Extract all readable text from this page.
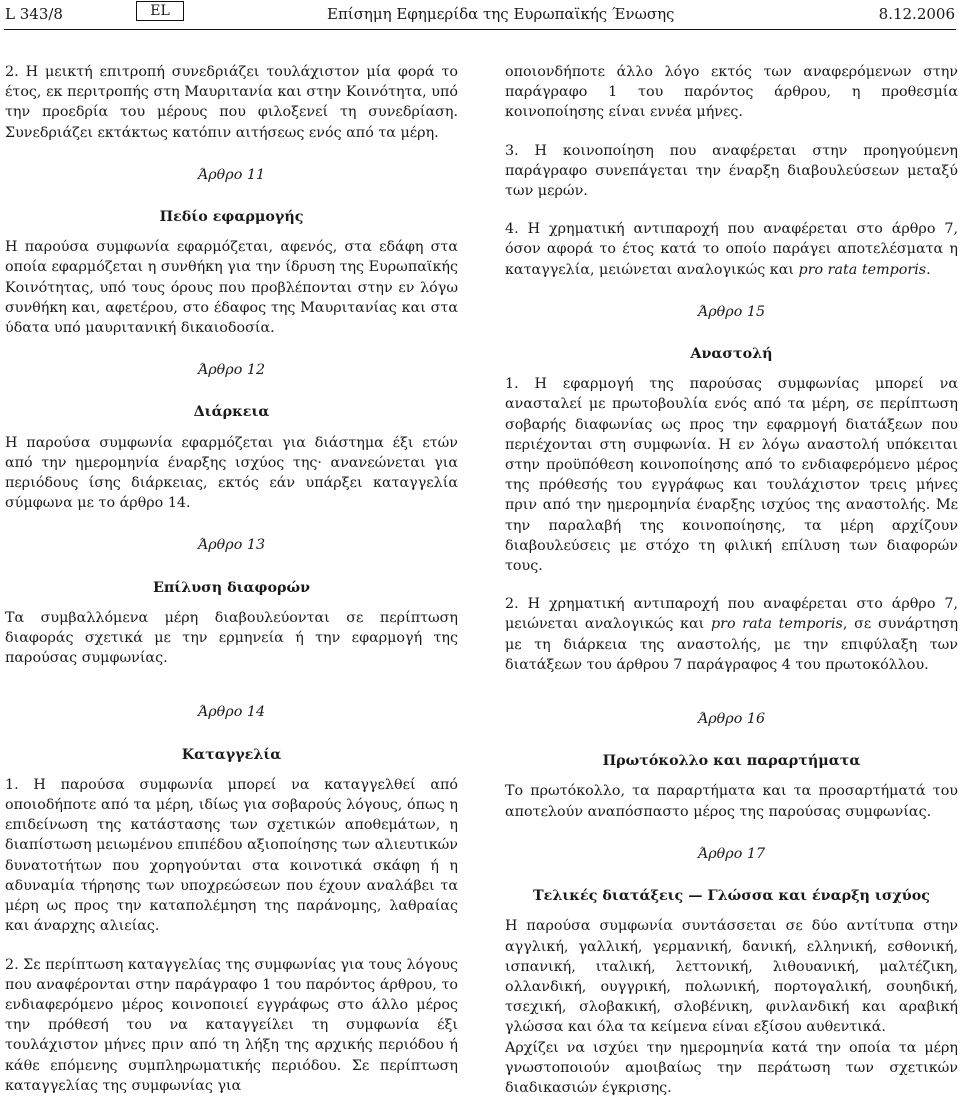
L 343/8	EL	Επίσημη Εφημερίδα της Ευρωπαϊκής Ένωσης	8.12.2006

2. Η μεικτή επιτροπή συνεδριάζει τουλάχιστον μία φορά το έτος, εκ περιτροπής στη Μαυριτανία και στην Κοινότητα, υπό την προεδρία του μέρους που φιλοξενεί τη συνεδρίαση. Συνεδριάζει εκτάκτως κατόπιν αιτήσεως ενός από τα μέρη.

Άρθρο 11

Πεδίο εφαρμογής

Η παρούσα συμφωνία εφαρμόζεται, αφενός, στα εδάφη στα οποία εφαρμόζεται η συνθήκη για την ίδρυση της Ευρωπαϊκής Κοινότητας, υπό τους όρους που προβλέπονται στην εν λόγω συνθήκη και, αφετέρου, στο έδαφος της Μαυριτανίας και στα ύδατα υπό μαυριτανική δικαιοδοσία.

Άρθρο 12

Διάρκεια

Η παρούσα συμφωνία εφαρμόζεται για διάστημα έξι ετών από την ημερομηνία έναρξης ισχύος της· ανανεώνεται για περιόδους ίσης διάρκειας, εκτός εάν υπάρξει καταγγελία σύμφωνα με το άρθρο 14.

Άρθρο 13

Επίλυση διαφορών

Τα συμβαλλόμενα μέρη διαβουλεύονται σε περίπτωση διαφοράς σχετικά με την ερμηνεία ή την εφαρμογή της παρούσας συμφωνίας.

Άρθρο 14

Καταγγελία

1. Η παρούσα συμφωνία μπορεί να καταγγελθεί από οποιοδήποτε από τα μέρη, ιδίως για σοβαρούς λόγους, όπως η επιδείνωση της κατάστασης των σχετικών αποθεμάτων, η διαπίστωση μειωμένου επιπέδου αξιοποίησης των αλιευτικών δυνατοτήτων που χορηγούνται στα κοινοτικά σκάφη ή η αδυναμία τήρησης των υποχρεώσεων που έχουν αναλάβει τα μέρη ως προς την καταπολέμηση της παράνομης, λαθραίας και άναρχης αλιείας.

2. Σε περίπτωση καταγγελίας της συμφωνίας για τους λόγους που αναφέρονται στην παράγραφο 1 του παρόντος άρθρου, το ενδιαφερόμενο μέρος κοινοποιεί εγγράφως στο άλλο μέρος την πρόθεσή του να καταγγείλει τη συμφωνία έξι τουλάχιστον μήνες πριν από τη λήξη της αρχικής περιόδου ή κάθε επόμενης συμπληρωματικής περιόδου. Σε περίπτωση καταγγελίας της συμφωνίας για

οποιονδήποτε άλλο λόγο εκτός των αναφερόμενων στην παράγραφο 1 του παρόντος άρθρου, η προθεσμία κοινοποίησης είναι εννέα μήνες.

3. Η κοινοποίηση που αναφέρεται στην προηγούμενη παράγραφο συνεπάγεται την έναρξη διαβουλεύσεων μεταξύ των μερών.

4. Η χρηματική αντιπαροχή που αναφέρεται στο άρθρο 7, όσον αφορά το έτος κατά το οποίο παράγει αποτελέσματα η καταγγελία, μειώνεται αναλογικώς και pro rata temporis.

Άρθρο 15

Αναστολή

1. Η εφαρμογή της παρούσας συμφωνίας μπορεί να ανασταλεί με πρωτοβουλία ενός από τα μέρη, σε περίπτωση σοβαρής διαφωνίας ως προς την εφαρμογή διατάξεων που περιέχονται στη συμφωνία. Η εν λόγω αναστολή υπόκειται στην προϋπόθεση κοινοποίησης από το ενδιαφερόμενο μέρος της πρόθεσής του εγγράφως και τουλάχιστον τρεις μήνες πριν από την ημερομηνία έναρξης ισχύος της αναστολής. Με την παραλαβή της κοινοποίησης, τα μέρη αρχίζουν διαβουλεύσεις με στόχο τη φιλική επίλυση των διαφορών τους.

2. Η χρηματική αντιπαροχή που αναφέρεται στο άρθρο 7, μειώνεται αναλογικώς και pro rata temporis, σε συνάρτηση με τη διάρκεια της αναστολής, με την επιφύλαξη των διατάξεων του άρθρου 7 παράγραφος 4 του πρωτοκόλλου.

Άρθρο 16

Πρωτόκολλο και παραρτήματα

Το πρωτόκολλο, τα παραρτήματα και τα προσαρτήματά του αποτελούν αναπόσπαστο μέρος της παρούσας συμφωνίας.

Άρθρο 17

Τελικές διατάξεις — Γλώσσα και έναρξη ισχύος

Η παρούσα συμφωνία συντάσσεται σε δύο αντίτυπα στην αγγλική, γαλλική, γερμανική, δανική, ελληνική, εσθονική, ισπανική, ιταλική, λεττονική, λιθουανική, μαλτέζικη, ολλανδική, ουγγρική, πολωνική, πορτογαλική, σουηδική, τσεχική, σλοβακική, σλοβένικη, φινλανδική και αραβική γλώσσα και όλα τα κείμενα είναι εξίσου αυθεντικά.

Αρχίζει να ισχύει την ημερομηνία κατά την οποία τα μέρη γνωστοποιούν αμοιβαίως την περάτωση των σχετικών διαδικασιών έγκρισης.
